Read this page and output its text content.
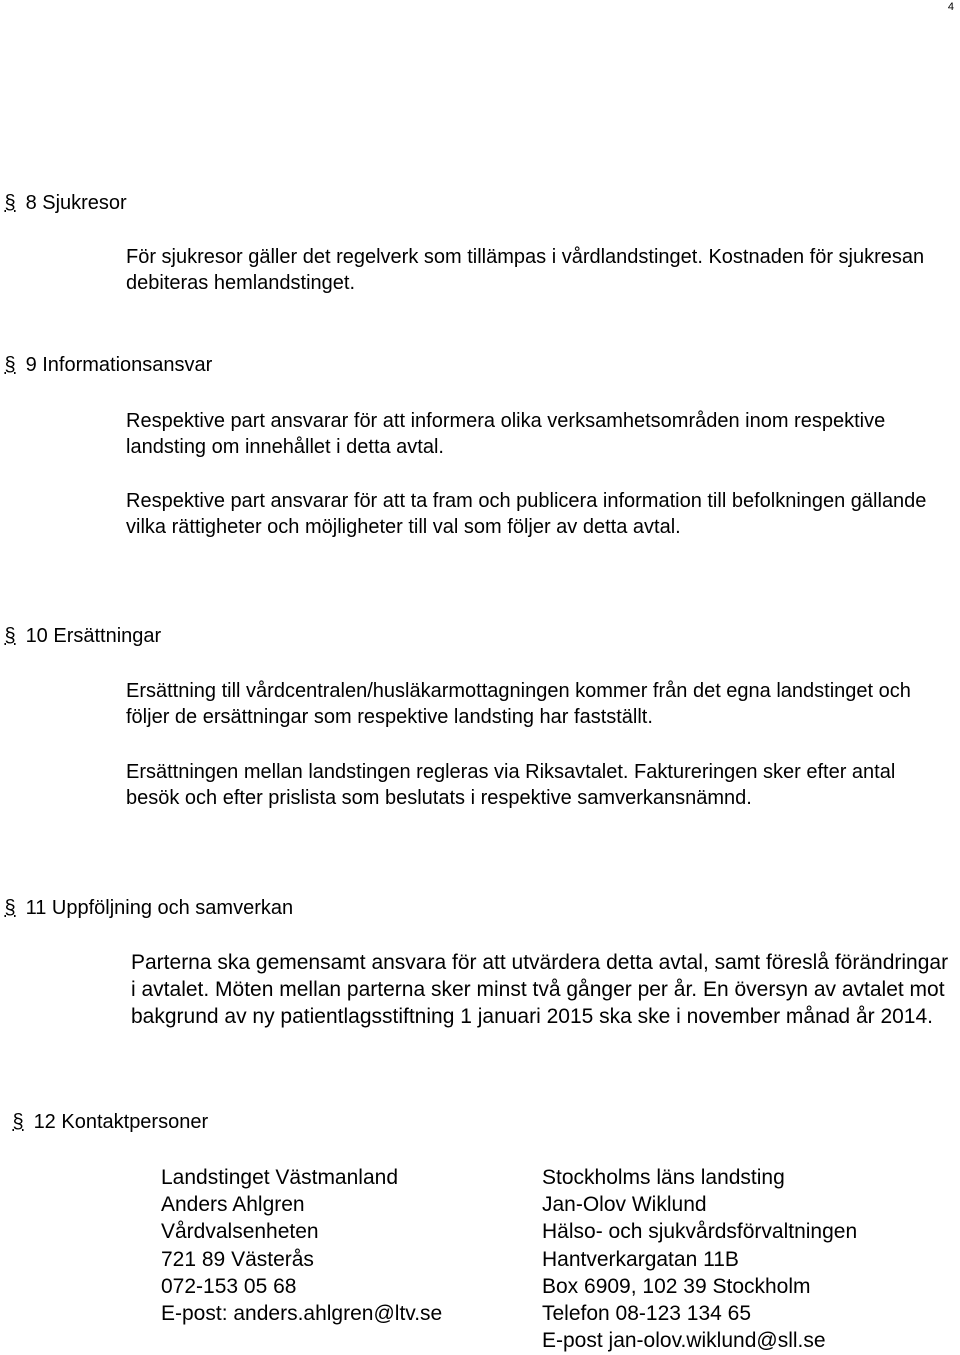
4
§ 8 Sjukresor

För sjukresor gäller det regelverk som tillämpas i vårdlandstinget. Kostnaden för sjukresan debiteras hemlandstinget.

§ 9 Informationsansvar

Respektive part ansvarar för att informera olika verksamhetsområden inom respektive landsting om innehållet i detta avtal.

Respektive part ansvarar för att ta fram och publicera information till befolkningen gällande vilka rättigheter och möjligheter till val som följer av detta avtal.

§ 10 Ersättningar

Ersättning till vårdcentralen/husläkarmottagningen kommer från det egna landstinget och följer de ersättningar som respektive landsting har fastställt.

Ersättningen mellan landstingen regleras via Riksavtalet. Faktureringen sker efter antal besök och efter prislista som beslutats i respektive samverkansnämnd.

§ 11 Uppföljning och samverkan

Parterna ska gemensamt ansvara för att utvärdera detta avtal, samt föreslå förändringar i avtalet. Möten mellan parterna sker minst två gånger per år. En översyn av avtalet mot bakgrund av ny patientlagsstiftning 1 januari 2015 ska ske i november månad år 2014.

§ 12 Kontaktpersoner
Landstinget Västmanland
Anders Ahlgren
Vårdvalsenheten
721 89 Västerås
072-153 05 68
E-post: anders.ahlgren@ltv.se
Stockholms läns landsting
Jan-Olov Wiklund
Hälso- och sjukvårdsförvaltningen
Hantverkargatan 11B
Box 6909, 102 39 Stockholm
Telefon 08-123 134 65
E-post jan-olov.wiklund@sll.se
